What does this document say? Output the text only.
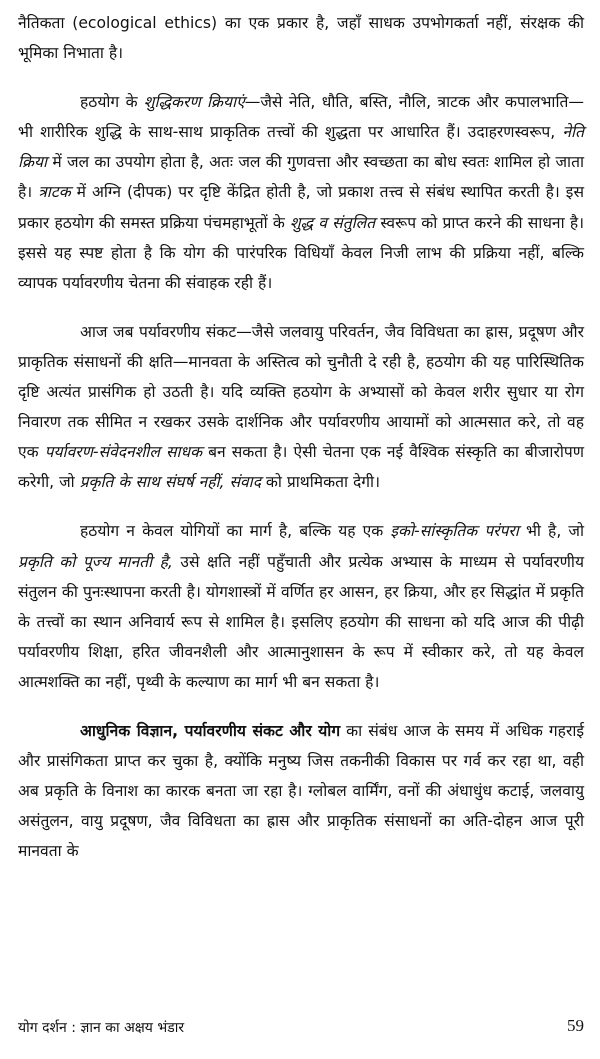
नैतिकता (ecological ethics) का एक प्रकार है, जहाँ साधक उपभोगकर्ता नहीं, संरक्षक की भूमिका निभाता है।

हठयोग के शुद्धिकरण क्रियाएं—जैसे नेति, धौति, बस्ति, नौलि, त्राटक और कपालभाति—भी शारीरिक शुद्धि के साथ-साथ प्राकृतिक तत्त्वों की शुद्धता पर आधारित हैं। उदाहरणस्वरूप, नेति क्रिया में जल का उपयोग होता है, अतः जल की गुणवत्ता और स्वच्छता का बोध स्वतः शामिल हो जाता है। त्राटक में अग्नि (दीपक) पर दृष्टि केंद्रित होती है, जो प्रकाश तत्त्व से संबंध स्थापित करती है। इस प्रकार हठयोग की समस्त प्रक्रिया पंचमहाभूतों के शुद्ध व संतुलित स्वरूप को प्राप्त करने की साधना है। इससे यह स्पष्ट होता है कि योग की पारंपरिक विधियाँ केवल निजी लाभ की प्रक्रिया नहीं, बल्कि व्यापक पर्यावरणीय चेतना की संवाहक रही हैं।

आज जब पर्यावरणीय संकट—जैसे जलवायु परिवर्तन, जैव विविधता का ह्रास, प्रदूषण और प्राकृतिक संसाधनों की क्षति—मानवता के अस्तित्व को चुनौती दे रही है, हठयोग की यह पारिस्थितिक दृष्टि अत्यंत प्रासंगिक हो उठती है। यदि व्यक्ति हठयोग के अभ्यासों को केवल शरीर सुधार या रोग निवारण तक सीमित न रखकर उसके दार्शनिक और पर्यावरणीय आयामों को आत्मसात करे, तो वह एक पर्यावरण-संवेदनशील साधक बन सकता है। ऐसी चेतना एक नई वैश्विक संस्कृति का बीजारोपण करेगी, जो प्रकृति के साथ संघर्ष नहीं, संवाद को प्राथमिकता देगी।

हठयोग न केवल योगियों का मार्ग है, बल्कि यह एक इको-सांस्कृतिक परंपरा भी है, जो प्रकृति को पूज्य मानती है, उसे क्षति नहीं पहुँचाती और प्रत्येक अभ्यास के माध्यम से पर्यावरणीय संतुलन की पुनःस्थापना करती है। योगशास्त्रों में वर्णित हर आसन, हर क्रिया, और हर सिद्धांत में प्रकृति के तत्त्वों का स्थान अनिवार्य रूप से शामिल है। इसलिए हठयोग की साधना को यदि आज की पीढ़ी पर्यावरणीय शिक्षा, हरित जीवनशैली और आत्मानुशासन के रूप में स्वीकार करे, तो यह केवल आत्मशक्ति का नहीं, पृथ्वी के कल्याण का मार्ग भी बन सकता है।

आधुनिक विज्ञान, पर्यावरणीय संकट और योग का संबंध आज के समय में अधिक गहराई और प्रासंगिकता प्राप्त कर चुका है, क्योंकि मनुष्य जिस तकनीकी विकास पर गर्व कर रहा था, वही अब प्रकृति के विनाश का कारक बनता जा रहा है। ग्लोबल वार्मिंग, वनों की अंधाधुंध कटाई, जलवायु असंतुलन, वायु प्रदूषण, जैव विविधता का ह्रास और प्राकृतिक संसाधनों का अति-दोहन आज पूरी मानवता के

योग दर्शन : ज्ञान का अक्षय भंडार	59
